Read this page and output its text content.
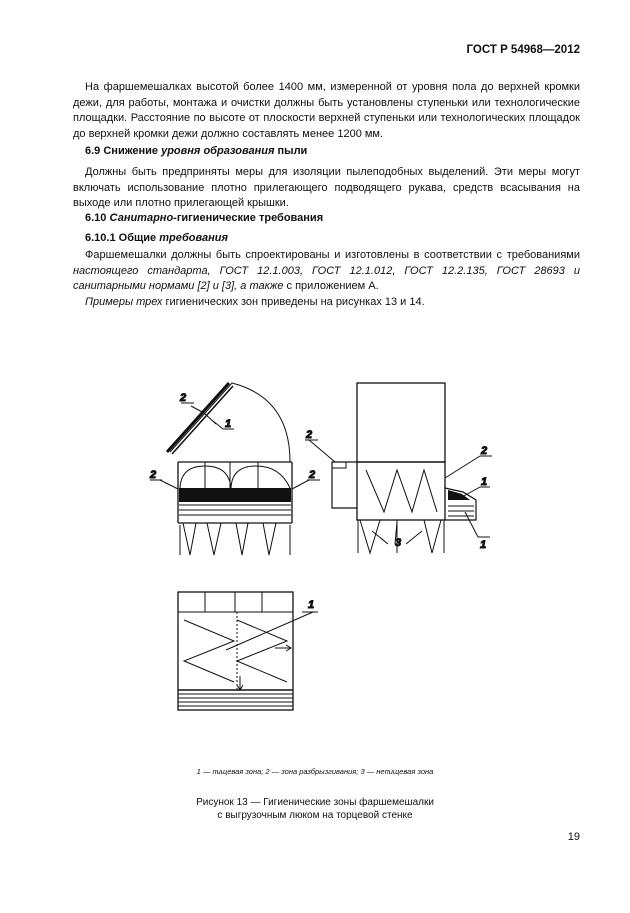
ГОСТ Р 54968—2012

На фаршемешалках высотой более 1400 мм, измеренной от уровня пола до верхней кромки дежи, для работы, монтажа и очистки должны быть установлены ступеньки или технологические площадки. Расстояние по высоте от плоскости верхней ступеньки или технологических площадок до верхней кромки дежи должно составлять менее 1200 мм.

6.9 Снижение уровня образования пыли

Должны быть предприняты меры для изоляции пылеподобных выделений. Эти меры могут включать использование плотно прилегающего подводящего рукава, средств всасывания на выходе или плотно прилегающей крышки.

6.10 Санитарно-гигиенические требования
6.10.1 Общие требования

Фаршемешалки должны быть спроектированы и изготовлены в соответствии с требованиями настоящего стандарта, ГОСТ 12.1.003, ГОСТ 12.1.012, ГОСТ 12.2.135, ГОСТ 28693 и санитарными нормами [2] и [3], а также с приложением А.

Примеры трех гигиенических зон приведены на рисунках 13 и 14.

2
1
2	2
2
2
1
1
3
1
1 — пищевая зона; 2 — зона разбрызгивания; 3 — непищевая зона
Рисунок 13 — Гигиенические зоны фаршемешалки
с выгрузочным люком на торцевой стенке
19
